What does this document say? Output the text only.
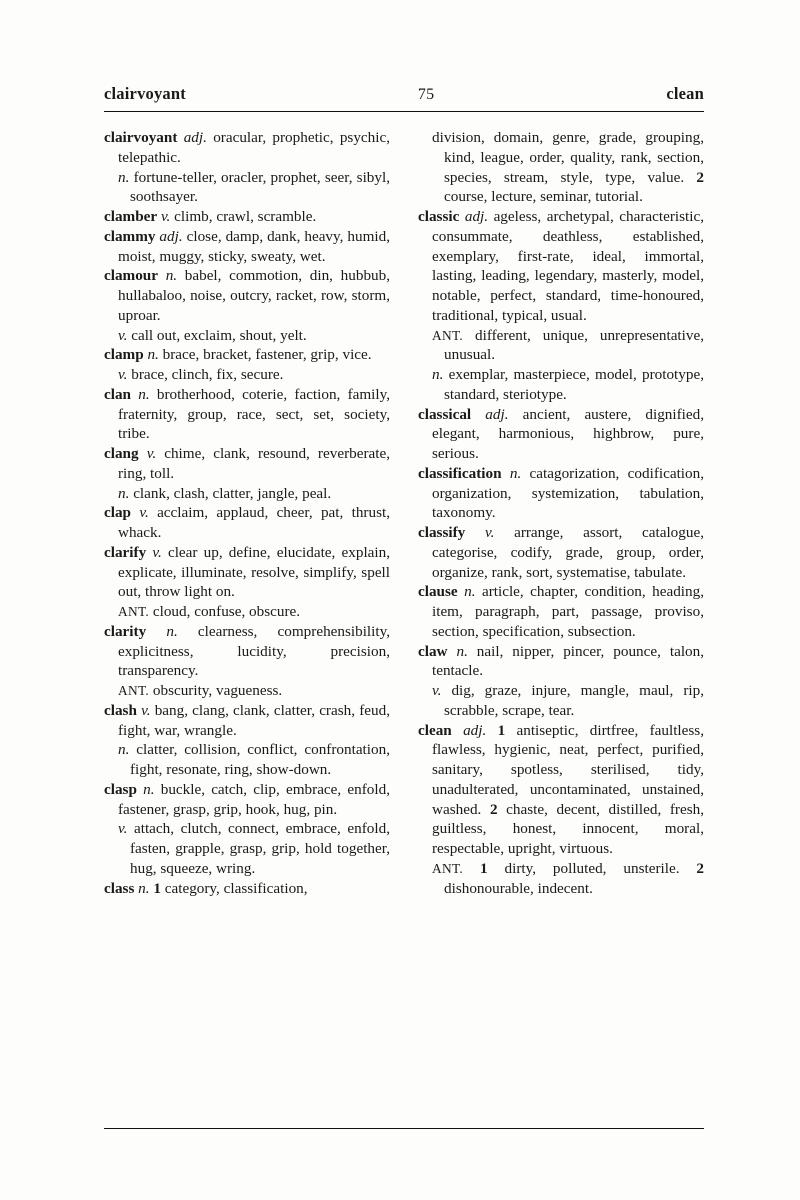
clairvoyant	75	clean

clairvoyant adj. oracular, prophetic, psychic, telepathic.

n. fortune-teller, oracler, prophet, seer, sibyl, soothsayer.

clamber v. climb, crawl, scramble.

clammy adj. close, damp, dank, heavy, humid, moist, muggy, sticky, sweaty, wet.

clamour n. babel, commotion, din, hubbub, hullabaloo, noise, outcry, racket, row, storm, uproar.

v. call out, exclaim, shout, yelt.

clamp n. brace, bracket, fastener, grip, vice.

v. brace, clinch, fix, secure.

clan n. brotherhood, coterie, faction, family, fraternity, group, race, sect, set, society, tribe.

clang v. chime, clank, resound, reverberate, ring, toll.

n. clank, clash, clatter, jangle, peal.

clap v. acclaim, applaud, cheer, pat, thrust, whack.

clarify v. clear up, define, elucidate, explain, explicate, illuminate, resolve, simplify, spell out, throw light on.

ANT. cloud, confuse, obscure.

clarity n. clearness, comprehensibility, explicitness, lucidity, precision, transparency.

ANT. obscurity, vagueness.

clash v. bang, clang, clank, clatter, crash, feud, fight, war, wrangle.

n. clatter, collision, conflict, confrontation, fight, resonate, ring, show-down.

clasp n. buckle, catch, clip, embrace, enfold, fastener, grasp, grip, hook, hug, pin.

v. attach, clutch, connect, embrace, enfold, fasten, grapple, grasp, grip, hold together, hug, squeeze, wring.

class n. 1 category, classification,

division, domain, genre, grade, grouping, kind, league, order, quality, rank, section, species, stream, style, type, value. 2 course, lecture, seminar, tutorial.

classic adj. ageless, archetypal, characteristic, consummate, deathless, established, exemplary, first-rate, ideal, immortal, lasting, leading, legendary, masterly, model, notable, perfect, standard, time-honoured, traditional, typical, usual.

ANT. different, unique, unrepresentative, unusual.

n. exemplar, masterpiece, model, prototype, standard, steriotype.

classical adj. ancient, austere, dignified, elegant, harmonious, highbrow, pure, serious.

classification n. catagorization, codification, organization, systemization, tabulation, taxonomy.

classify v. arrange, assort, catalogue, categorise, codify, grade, group, order, organize, rank, sort, systematise, tabulate.

clause n. article, chapter, condition, heading, item, paragraph, part, passage, proviso, section, specification, subsection.

claw n. nail, nipper, pincer, pounce, talon, tentacle.

v. dig, graze, injure, mangle, maul, rip, scrabble, scrape, tear.

clean adj. 1 antiseptic, dirtfree, faultless, flawless, hygienic, neat, perfect, purified, sanitary, spotless, sterilised, tidy, unadulterated, uncontaminated, unstained, washed. 2 chaste, decent, distilled, fresh, guiltless, honest, innocent, moral, respectable, upright, virtuous.

ANT. 1 dirty, polluted, unsterile. 2 dishonourable, indecent.
